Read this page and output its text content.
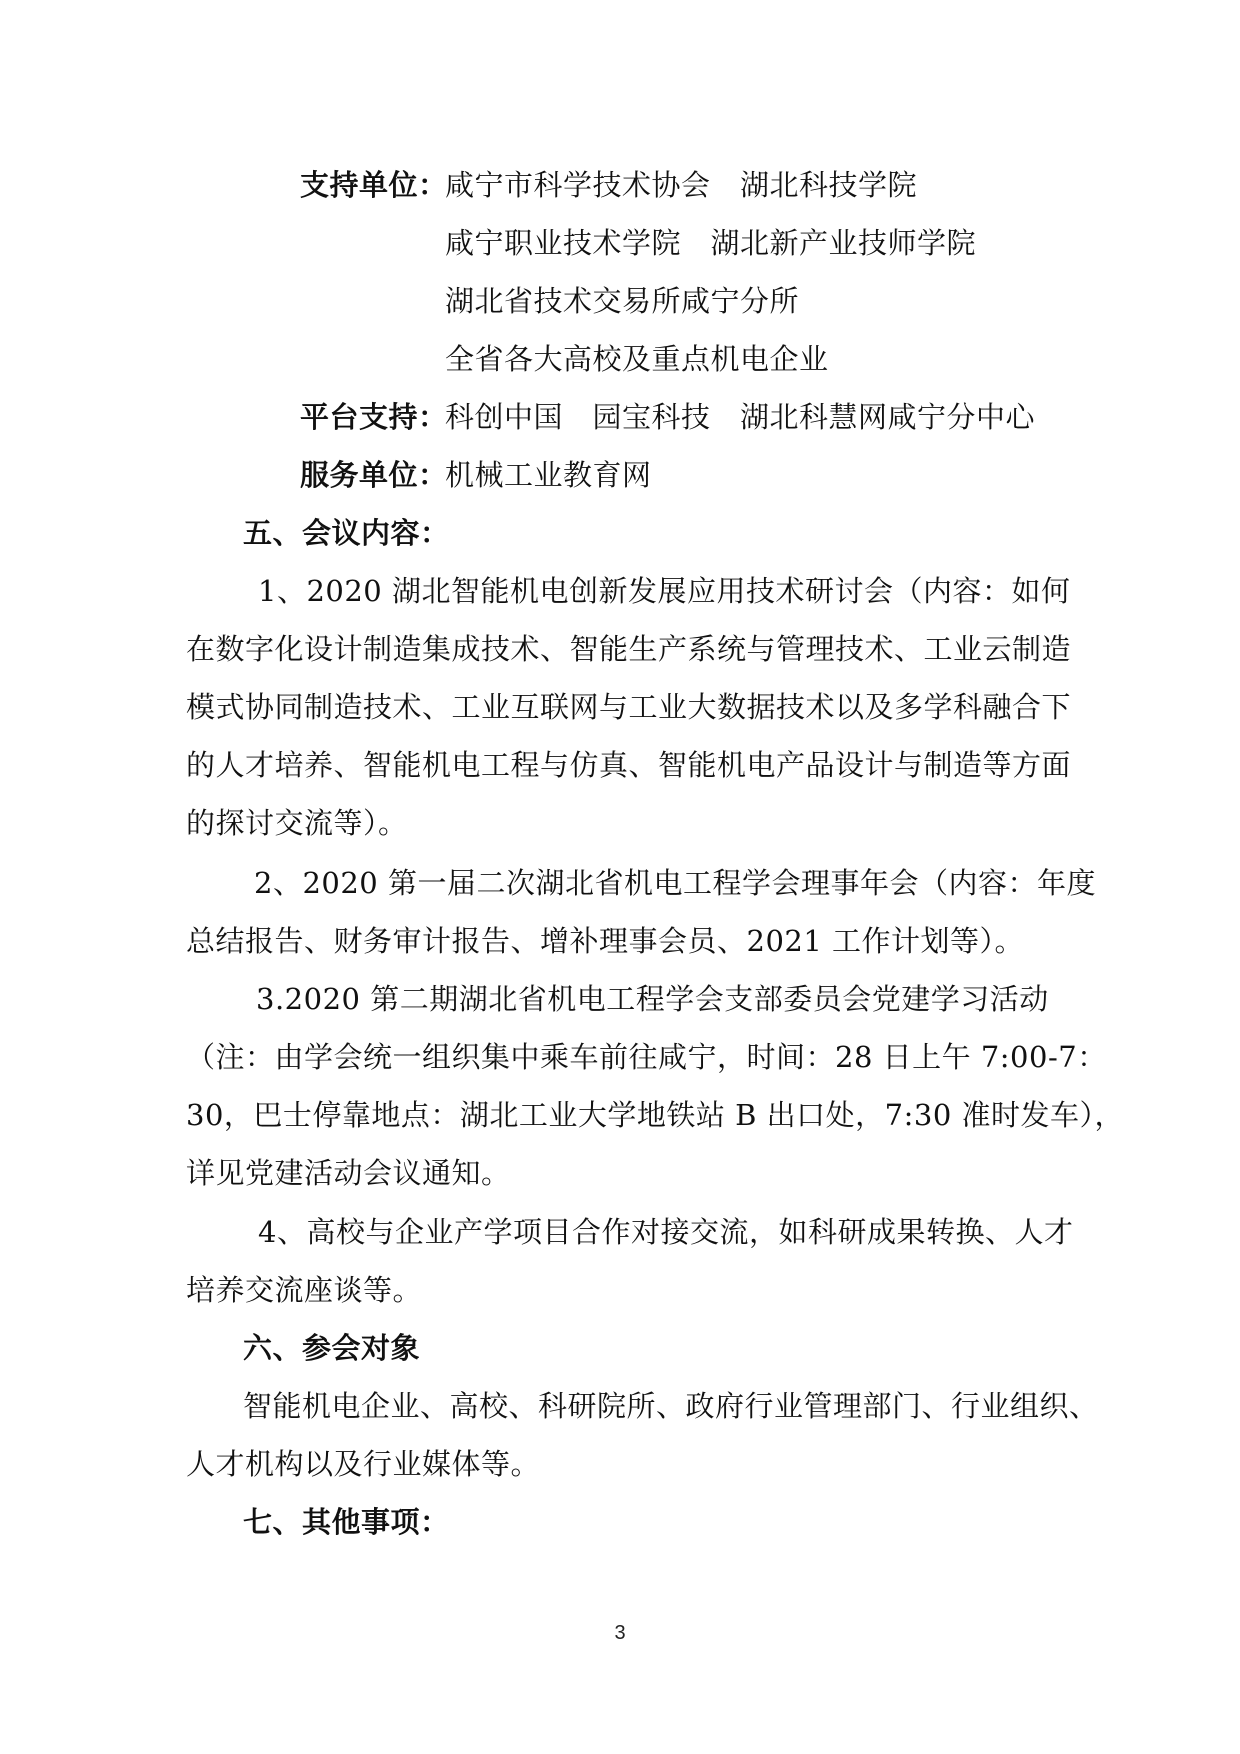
支持单位：
咸宁市科学技术协会　湖北科技学院
咸宁职业技术学院　湖北新产业技师学院
湖北省技术交易所咸宁分所
全省各大高校及重点机电企业
平台支持：
科创中国　园宝科技　湖北科慧网咸宁分中心
服务单位：
机械工业教育网
五、会议内容：
1、2020 湖北智能机电创新发展应用技术研讨会（内容：如何
在数字化设计制造集成技术、智能生产系统与管理技术、工业云制造
模式协同制造技术、工业互联网与工业大数据技术以及多学科融合下
的人才培养、智能机电工程与仿真、智能机电产品设计与制造等方面
的探讨交流等）。
2、2020 第一届二次湖北省机电工程学会理事年会（内容：年度
总结报告、财务审计报告、增补理事会员、2021 工作计划等）。
3.2020 第二期湖北省机电工程学会支部委员会党建学习活动
（注：由学会统一组织集中乘车前往咸宁，时间：28 日上午 7:00-7：
30，巴士停靠地点：湖北工业大学地铁站 B 出口处，7:30 准时发车），
详见党建活动会议通知。
4、高校与企业产学项目合作对接交流，如科研成果转换、人才
培养交流座谈等。
六、参会对象
智能机电企业、高校、科研院所、政府行业管理部门、行业组织、
人才机构以及行业媒体等。
七、其他事项：
3
